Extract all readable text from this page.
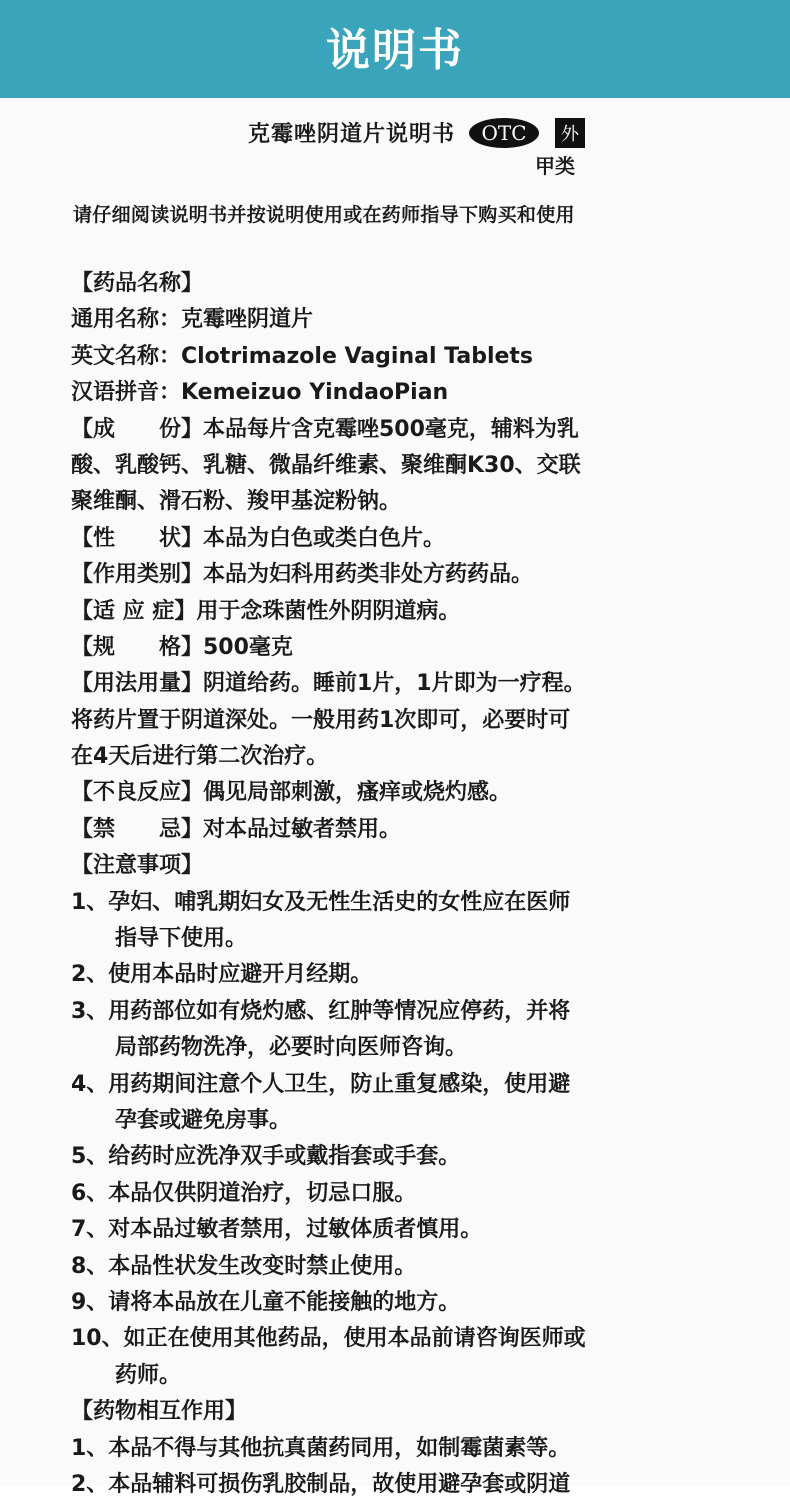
说明书
克霉唑阴道片说明书	OTC	外
甲类
请仔细阅读说明书并按说明使用或在药师指导下购买和使用
【药品名称】
通用名称：克霉唑阴道片
英文名称：Clotrimazole Vaginal Tablets
汉语拼音：Kemeizuo YindaoPian
【成　　份】本品每片含克霉唑500毫克，辅料为乳
酸、乳酸钙、乳糖、微晶纤维素、聚维酮K30、交联
聚维酮、滑石粉、羧甲基淀粉钠。
【性　　状】本品为白色或类白色片。
【作用类别】本品为妇科用药类非处方药药品。
【适 应 症】用于念珠菌性外阴阴道病。
【规　　格】500毫克
【用法用量】阴道给药。睡前1片，1片即为一疗程。
将药片置于阴道深处。一般用药1次即可，必要时可
在4天后进行第二次治疗。
【不良反应】偶见局部刺激，瘙痒或烧灼感。
【禁　　忌】对本品过敏者禁用。
【注意事项】
1、孕妇、哺乳期妇女及无性生活史的女性应在医师
指导下使用。
2、使用本品时应避开月经期。
3、用药部位如有烧灼感、红肿等情况应停药，并将
局部药物洗净，必要时向医师咨询。
4、用药期间注意个人卫生，防止重复感染，使用避
孕套或避免房事。
5、给药时应洗净双手或戴指套或手套。
6、本品仅供阴道治疗，切忌口服。
7、对本品过敏者禁用，过敏体质者慎用。
8、本品性状发生改变时禁止使用。
9、请将本品放在儿童不能接触的地方。
10、如正在使用其他药品，使用本品前请咨询医师或
药师。
【药物相互作用】
1、本品不得与其他抗真菌药同用，如制霉菌素等。
2、本品辅料可损伤乳胶制品，故使用避孕套或阴道
